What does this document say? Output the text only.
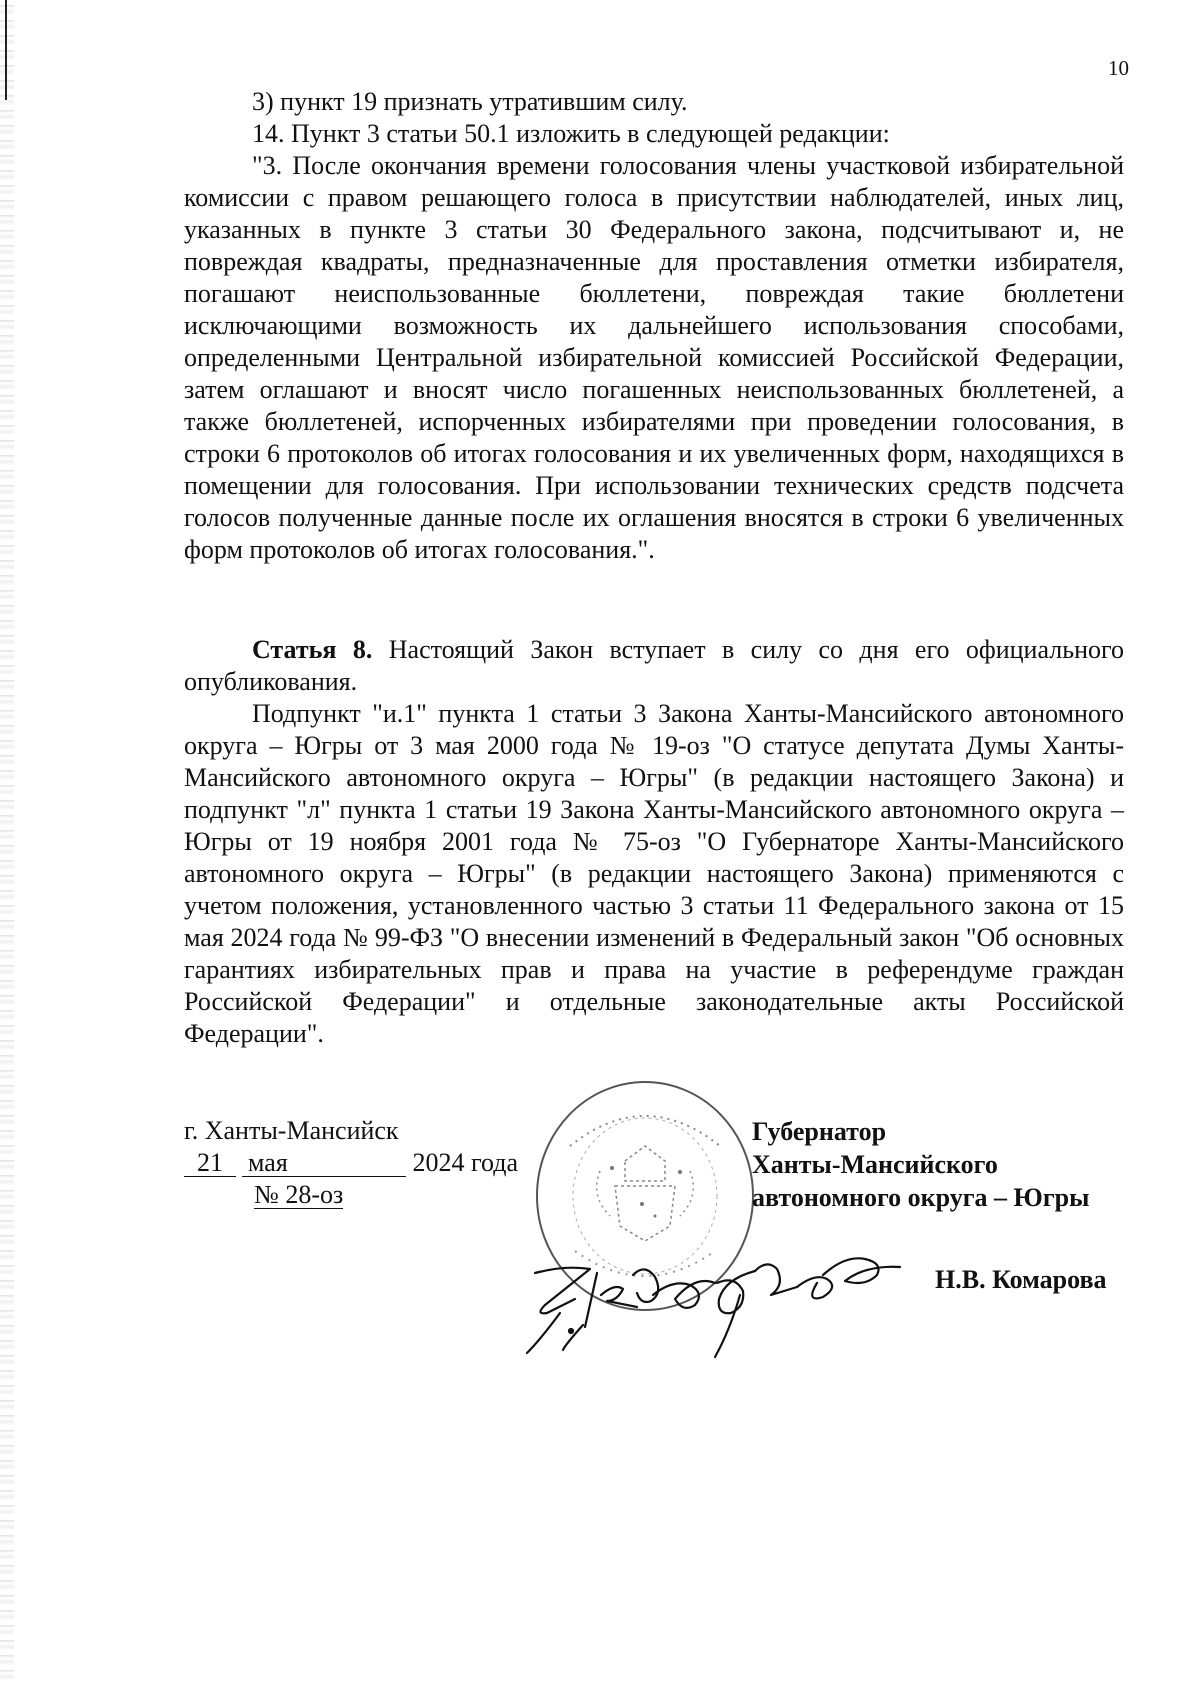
10

3) пункт 19 признать утратившим силу.

14. Пункт 3 статьи 50.1 изложить в следующей редакции:

"3. После окончания времени голосования члены участковой избирательной комиссии с правом решающего голоса в присутствии наблюдателей, иных лиц, указанных в пункте 3 статьи 30 Федерального закона, подсчитывают и, не повреждая квадраты, предназначенные для проставления отметки избирателя, погашают неиспользованные бюллетени, повреждая такие бюллетени исключающими возможность их дальнейшего использования способами, определенными Центральной избирательной комиссией Российской Федерации, затем оглашают и вносят число погашенных неиспользованных бюллетеней, а также бюллетеней, испорченных избирателями при проведении голосования, в строки 6 протоколов об итогах голосования и их увеличенных форм, находящихся в помещении для голосования. При использовании технических средств подсчета голосов полученные данные после их оглашения вносятся в строки 6 увеличенных форм протоколов об итогах голосования.".

Статья 8. Настоящий Закон вступает в силу со дня его официального опубликования.

Подпункт "и.1" пункта 1 статьи 3 Закона Ханты-Мансийского автономного округа – Югры от 3 мая 2000 года № 19-оз "О статусе депутата Думы Ханты-Мансийского автономного округа – Югры" (в редакции настоящего Закона) и подпункт "л" пункта 1 статьи 19 Закона Ханты-Мансийского автономного округа – Югры от 19 ноября 2001 года № 75-оз "О Губернаторе Ханты-Мансийского автономного округа – Югры" (в редакции настоящего Закона) применяются с учетом положения, установленного частью 3 статьи 11 Федерального закона от 15 мая 2024 года № 99-ФЗ "О внесении изменений в Федеральный закон "Об основных гарантиях избирательных прав и права на участие в референдуме граждан Российской Федерации" и отдельные законодательные акты Российской Федерации".

г. Ханты-Мансийск
21 мая	2024 года
№ 28-оз
Губернатор
Ханты-Мансийского
автономного округа – Югры
Н.В. Комарова
